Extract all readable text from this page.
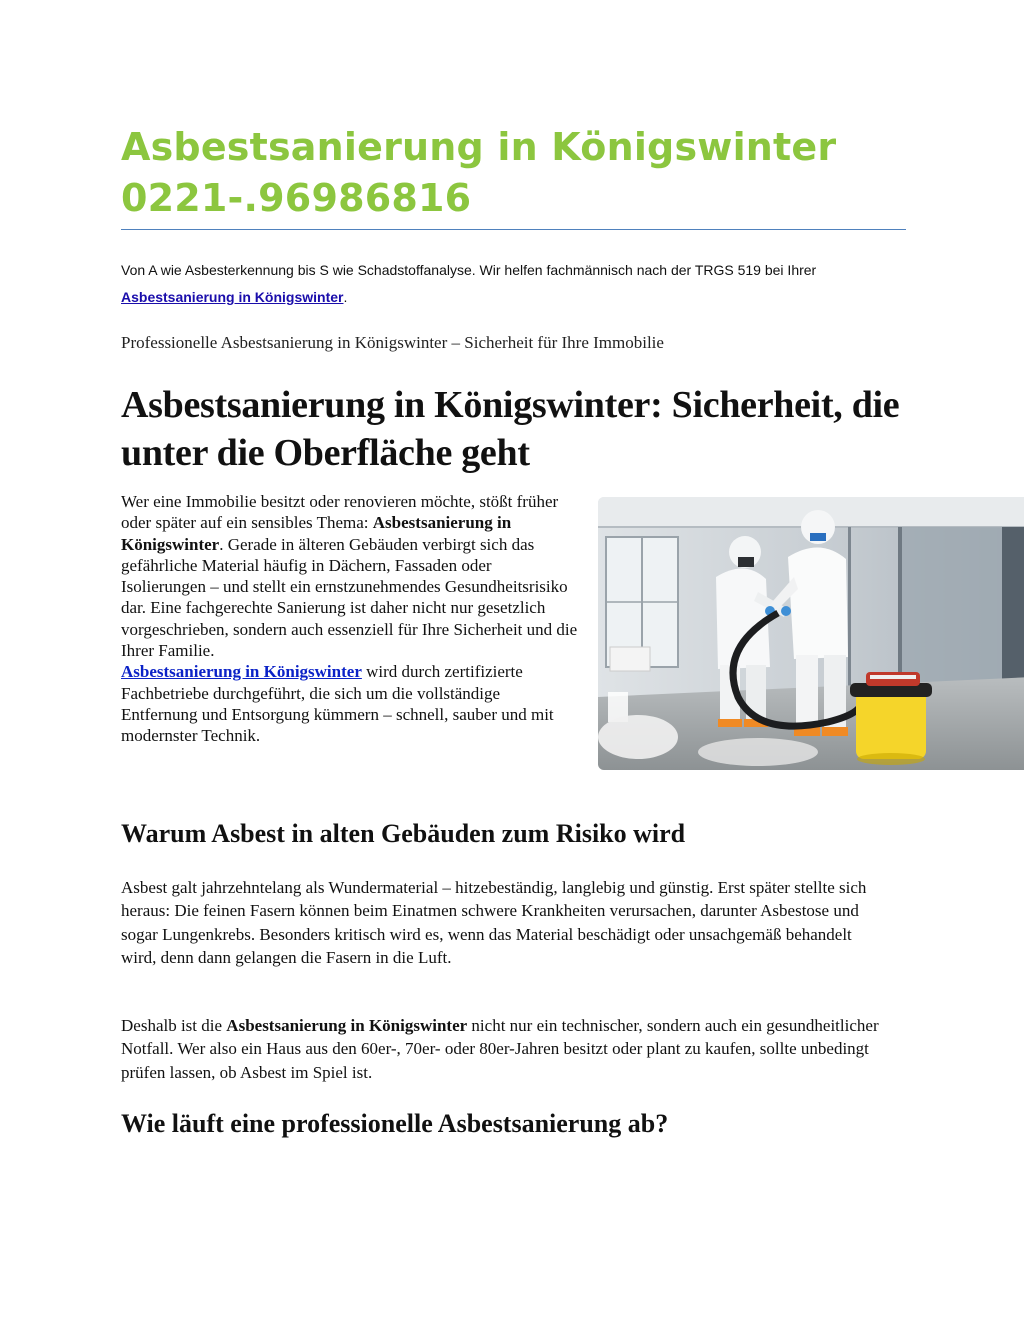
Asbestsanierung in Königswinter 0221-.96986816

Von A wie Asbesterkennung bis S wie Schadstoffanalyse. Wir helfen fachmännisch nach der TRGS 519 bei Ihrer Asbestsanierung in Königswinter.

Professionelle Asbestsanierung in Königswinter – Sicherheit für Ihre Immobilie

Asbestsanierung in Königswinter: Sicherheit, die unter die Oberfläche geht

Wer eine Immobilie besitzt oder renovieren möchte, stößt früher oder später auf ein sensibles Thema: Asbestsanierung in Königswinter. Gerade in älteren Gebäuden verbirgt sich das gefährliche Material häufig in Dächern, Fassaden oder Isolierungen – und stellt ein ernstzunehmendes Gesundheitsrisiko dar. Eine fachgerechte Sanierung ist daher nicht nur gesetzlich vorgeschrieben, sondern auch essenziell für Ihre Sicherheit und die Ihrer Familie.
Asbestsanierung in Königswinter wird durch zertifizierte Fachbetriebe durchgeführt, die sich um die vollständige Entfernung und Entsorgung kümmern – schnell, sauber und mit modernster Technik.

Warum Asbest in alten Gebäuden zum Risiko wird

Asbest galt jahrzehntelang als Wundermaterial – hitzebeständig, langlebig und günstig. Erst später stellte sich heraus: Die feinen Fasern können beim Einatmen schwere Krankheiten verursachen, darunter Asbestose und sogar Lungenkrebs. Besonders kritisch wird es, wenn das Material beschädigt oder unsachgemäß behandelt wird, denn dann gelangen die Fasern in die Luft.

Deshalb ist die Asbestsanierung in Königswinter nicht nur ein technischer, sondern auch ein gesundheitlicher Notfall. Wer also ein Haus aus den 60er-, 70er- oder 80er-Jahren besitzt oder plant zu kaufen, sollte unbedingt prüfen lassen, ob Asbest im Spiel ist.

Wie läuft eine professionelle Asbestsanierung ab?
